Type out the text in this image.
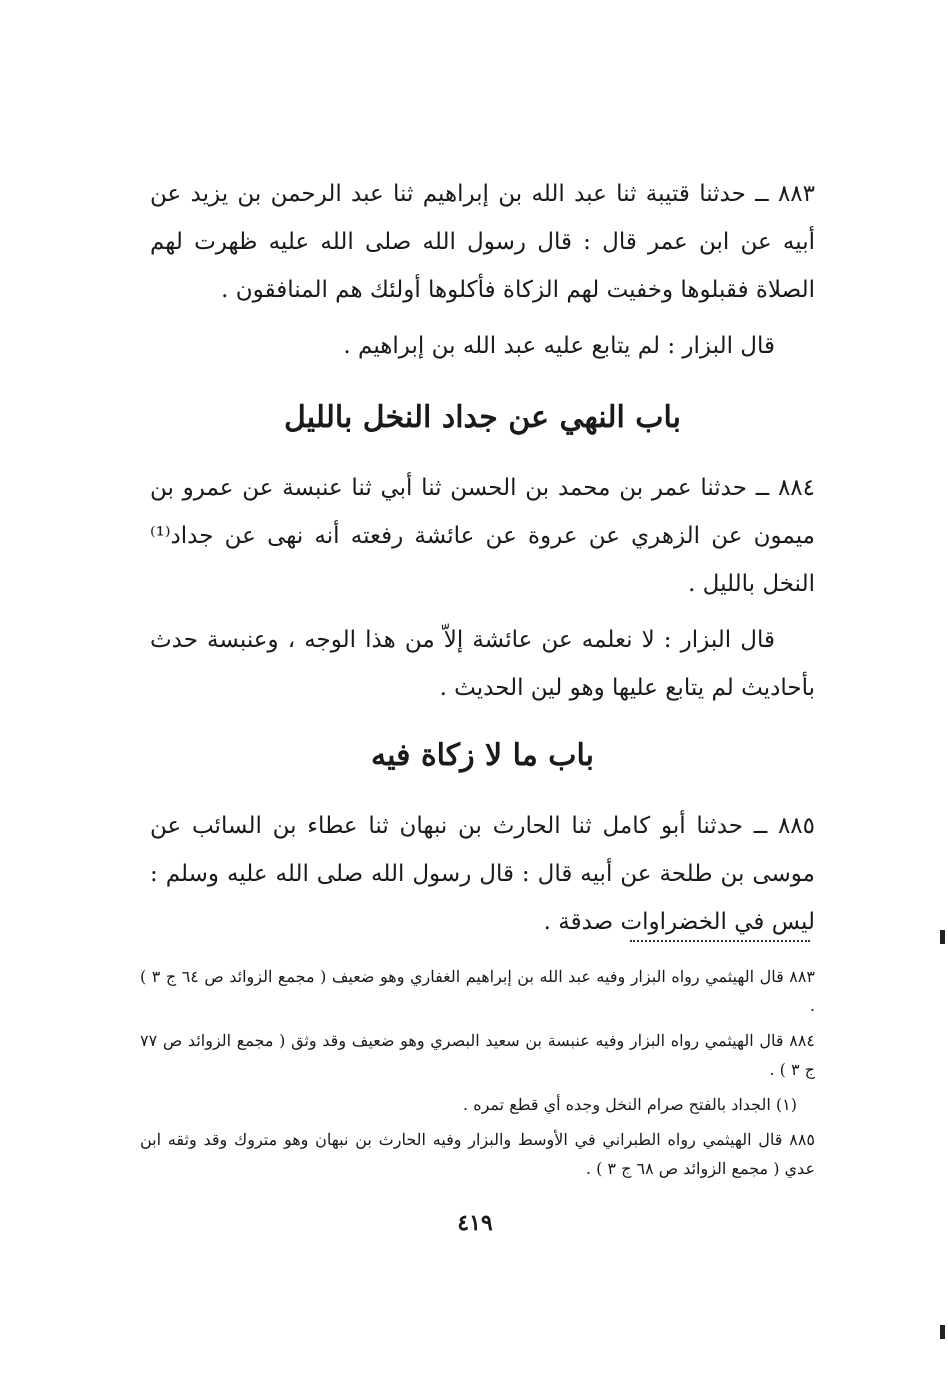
٨٨٣ ــ حدثنا قتيبة ثنا عبد الله بن إبراهيم ثنا عبد الرحمن بن يزيد عن أبيه عن ابن عمر قال : قال رسول الله صلى الله عليه ظهرت لهم الصلاة فقبلوها وخفيت لهم الزكاة فأكلوها أولئك هم المنافقون .

قال البزار : لم يتابع عليه عبد الله بن إبراهيم .

باب النهي عن جداد النخل بالليل

٨٨٤ ــ حدثنا عمر بن محمد بن الحسن ثنا أبي ثنا عنبسة عن عمرو بن ميمون عن الزهري عن عروة عن عائشة رفعته أنه نهى عن جداد⁽¹⁾ النخل بالليل .

قال البزار : لا نعلمه عن عائشة إلاّ من هذا الوجه ، وعنبسة حدث بأحاديث لم يتابع عليها وهو لين الحديث .

باب ما لا زكاة فيه

٨٨٥ ــ حدثنا أبو كامل ثنا الحارث بن نبهان ثنا عطاء بن السائب عن موسى بن طلحة عن أبيه قال : قال رسول الله صلى الله عليه وسلم : ليس في الخضراوات صدقة .

٨٨٣ قال الهيثمي رواه البزار وفيه عبد الله بن إبراهيم الغفاري وهو ضعيف ( مجمع الزوائد ص ٦٤ ج ٣ ) .

٨٨٤ قال الهيثمي رواه البزار وفيه عنبسة بن سعيد البصري وهو ضعيف وقد وثق ( مجمع الزوائد ص ٧٧ ج ٣ ) .

(١) الجداد بالفتح صرام النخل وجده أي قطع تمره .

٨٨٥ قال الهيثمي رواه الطبراني في الأوسط والبزار وفيه الحارث بن نبهان وهو متروك وقد وثقه ابن عدي ( مجمع الزوائد ص ٦٨ ج ٣ ) .

٤١٩
